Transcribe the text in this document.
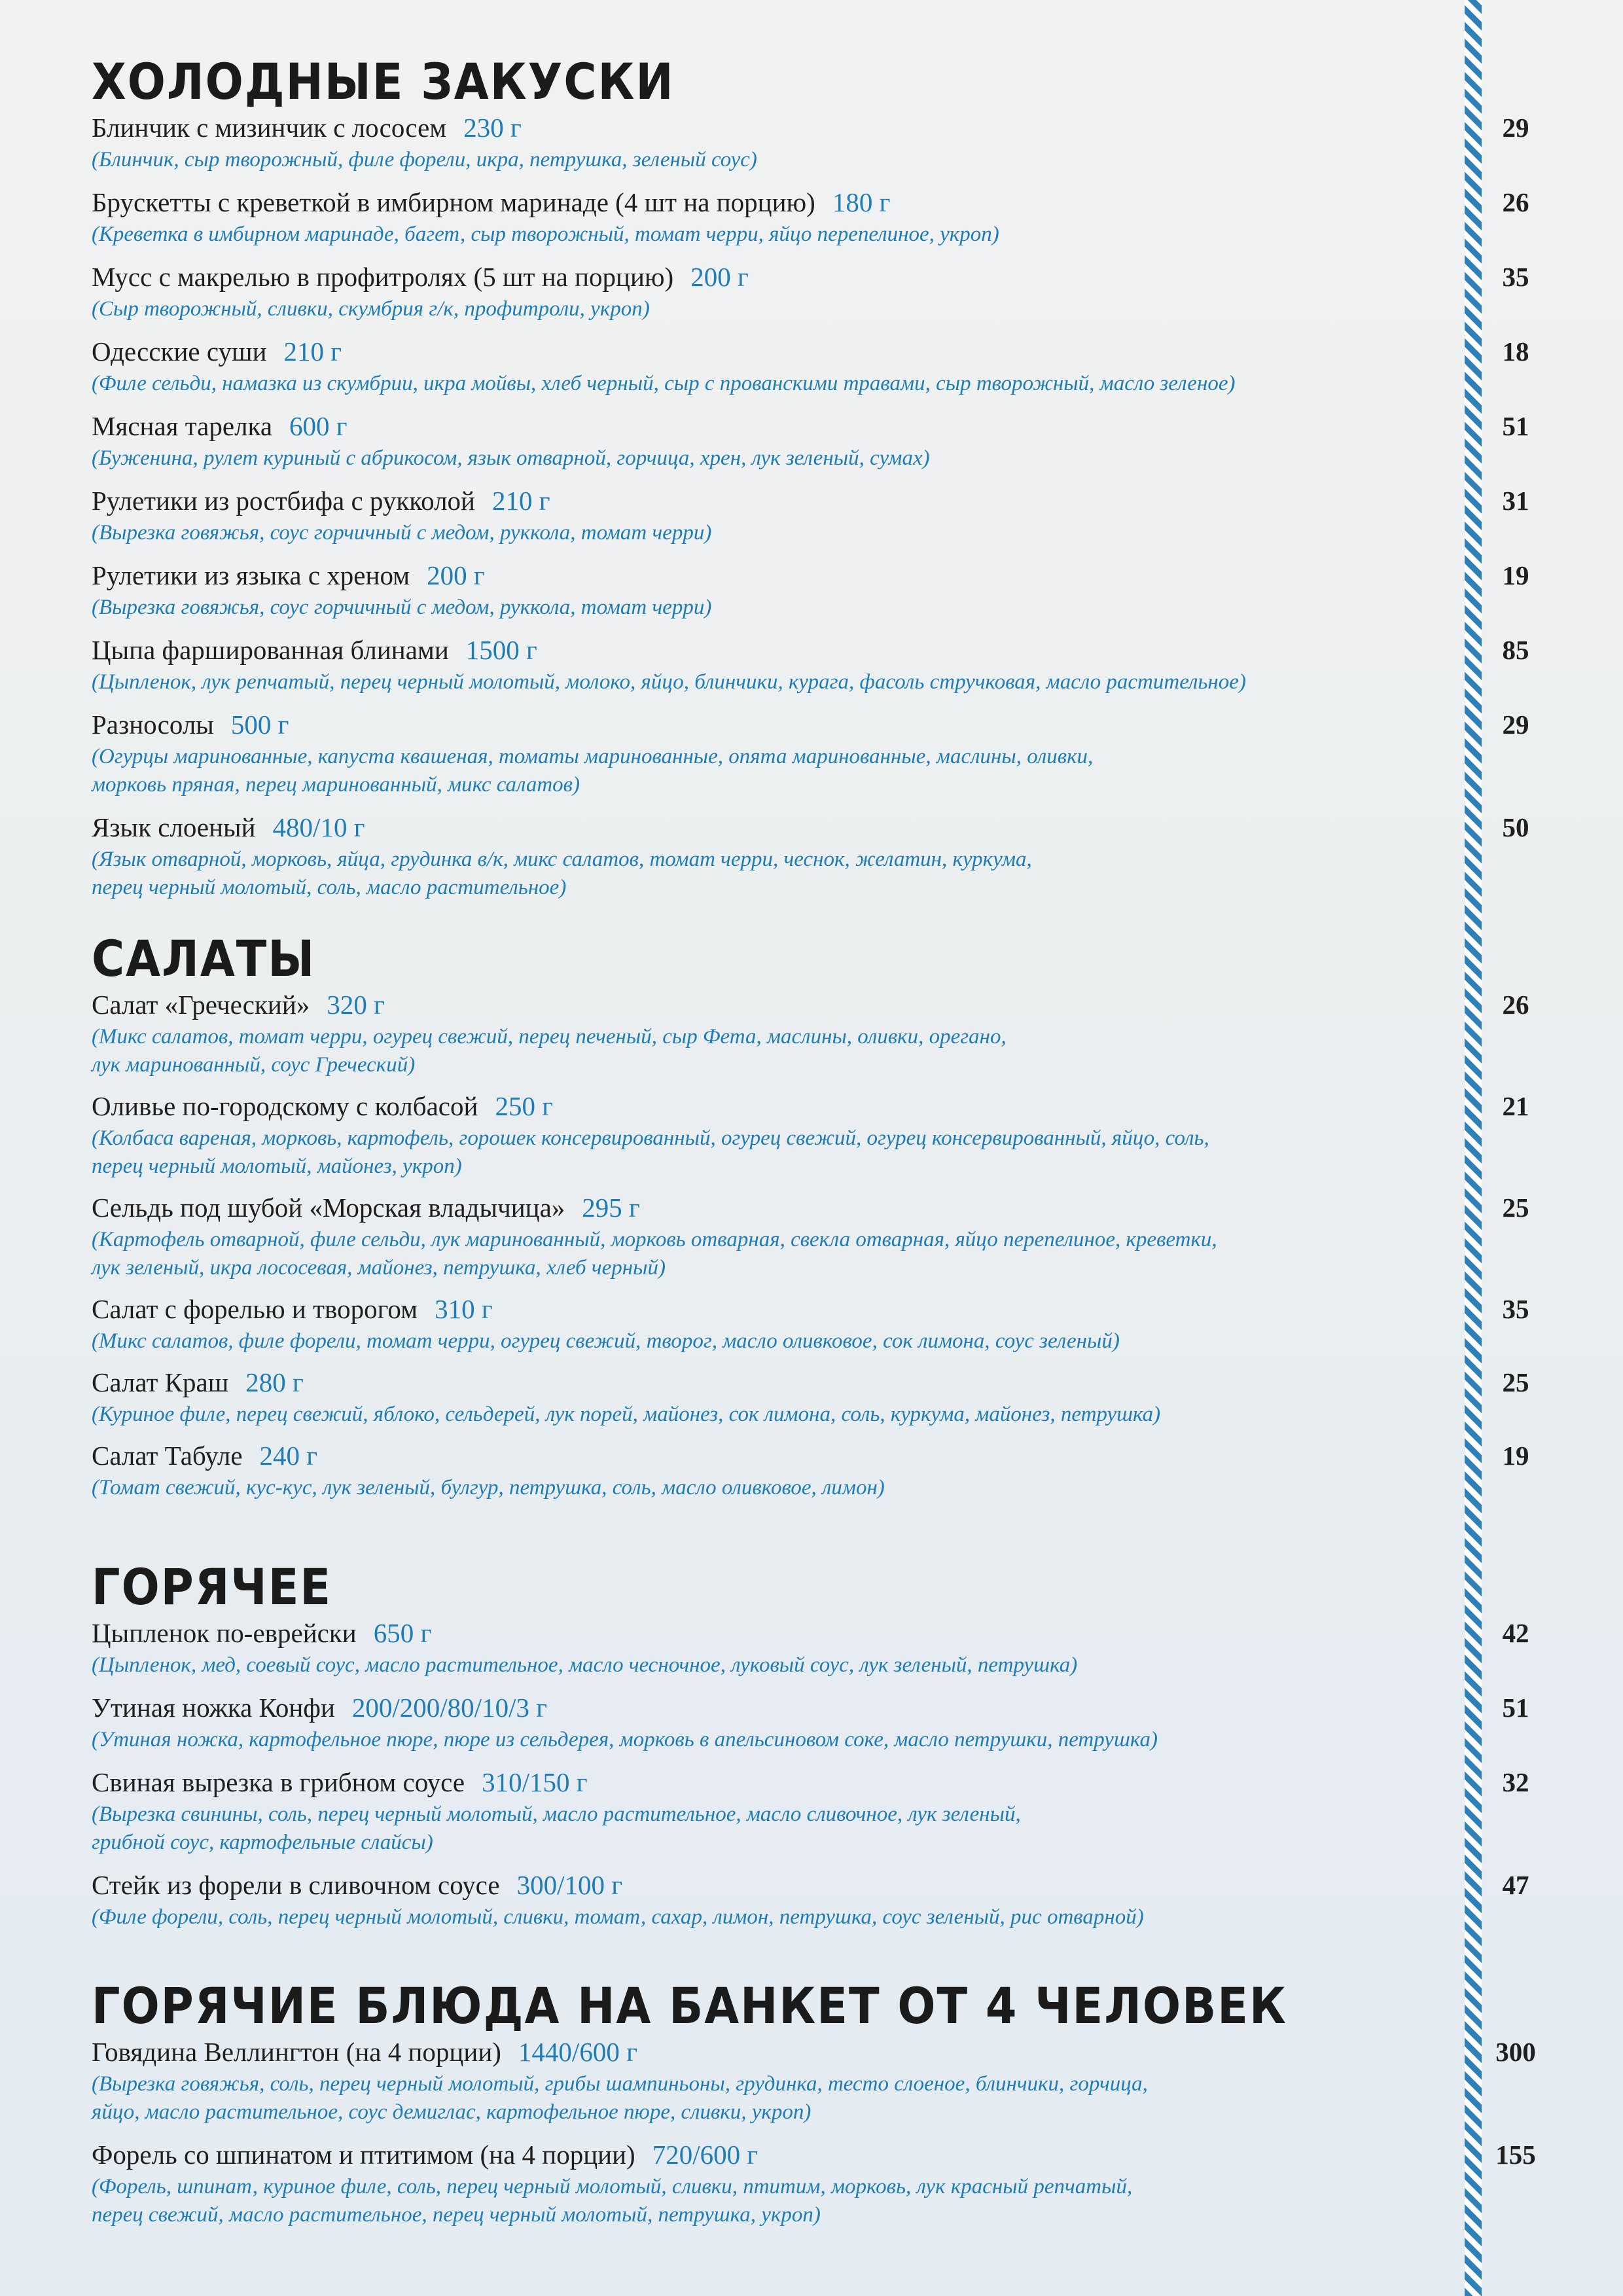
ХОЛОДНЫЕ ЗАКУСКИ
Блинчик с мизинчик с лососем 230 г	29
(Блинчик, сыр творожный, филе форели, икра, петрушка, зеленый соус)
Брускетты с креветкой в имбирном маринаде (4 шт на порцию) 180 г	26
(Креветка в имбирном маринаде, багет, сыр творожный, томат черри, яйцо перепелиное, укроп)
Мусс с макрелью в профитролях (5 шт на порцию) 200 г	35
(Сыр творожный, сливки, скумбрия г/к, профитроли, укроп)
Одесские суши 210 г	18
(Филе сельди, намазка из скумбрии, икра мойвы, хлеб черный, сыр с прованскими травами, сыр творожный, масло зеленое)
Мясная тарелка 600 г	51
(Буженина, рулет куриный с абрикосом, язык отварной, горчица, хрен, лук зеленый, сумах)
Рулетики из ростбифа с рукколой 210 г	31
(Вырезка говяжья, соус горчичный с медом, руккола, томат черри)
Рулетики из языка с хреном 200 г	19
(Вырезка говяжья, соус горчичный с медом, руккола, томат черри)
Цыпа фаршированная блинами 1500 г	85
(Цыпленок, лук репчатый, перец черный молотый, молоко, яйцо, блинчики, курага, фасоль стручковая, масло растительное)
Разносолы 500 г	29
(Огурцы маринованные, капуста квашеная, томаты маринованные, опята маринованные, маслины, оливки,
морковь пряная, перец маринованный, микс салатов)
Язык слоеный 480/10 г	50
(Язык отварной, морковь, яйца, грудинка в/к, микс салатов, томат черри, чеснок, желатин, куркума,
перец черный молотый, соль, масло растительное)
САЛАТЫ
Салат «Греческий» 320 г	26
(Микс салатов, томат черри, огурец свежий, перец печеный, сыр Фета, маслины, оливки, орегано,
лук маринованный, соус Греческий)
Оливье по-городскому с колбасой 250 г	21
(Колбаса вареная, морковь, картофель, горошек консервированный, огурец свежий, огурец консервированный, яйцо, соль,
перец черный молотый, майонез, укроп)
Сельдь под шубой «Морская владычица» 295 г	25
(Картофель отварной, филе сельди, лук маринованный, морковь отварная, свекла отварная, яйцо перепелиное, креветки,
лук зеленый, икра лососевая, майонез, петрушка, хлеб черный)
Салат с форелью и творогом 310 г	35
(Микс салатов, филе форели, томат черри, огурец свежий, творог, масло оливковое, сок лимона, соус зеленый)
Салат Краш 280 г	25
(Куриное филе, перец свежий, яблоко, сельдерей, лук порей, майонез, сок лимона, соль, куркума, майонез, петрушка)
Салат Табуле 240 г	19
(Томат свежий, кус-кус, лук зеленый, булгур, петрушка, соль, масло оливковое, лимон)
ГОРЯЧЕЕ
Цыпленок по-еврейски 650 г	42
(Цыпленок, мед, соевый соус, масло растительное, масло чесночное, луковый соус, лук зеленый, петрушка)
Утиная ножка Конфи 200/200/80/10/3 г	51
(Утиная ножка, картофельное пюре, пюре из сельдерея, морковь в апельсиновом соке, масло петрушки, петрушка)
Свиная вырезка в грибном соусе 310/150 г	32
(Вырезка свинины, соль, перец черный молотый, масло растительное, масло сливочное, лук зеленый,
грибной соус, картофельные слайсы)
Стейк из форели в сливочном соусе 300/100 г	47
(Филе форели, соль, перец черный молотый, сливки, томат, сахар, лимон, петрушка, соус зеленый, рис отварной)
ГОРЯЧИЕ БЛЮДА НА БАНКЕТ ОТ 4 ЧЕЛОВЕК
Говядина Веллингтон (на 4 порции) 1440/600 г	300
(Вырезка говяжья, соль, перец черный молотый, грибы шампиньоны, грудинка, тесто слоеное, блинчики, горчица,
яйцо, масло растительное, соус демиглас, картофельное пюре, сливки, укроп)
Форель со шпинатом и птитимом (на 4 порции) 720/600 г	155
(Форель, шпинат, куриное филе, соль, перец черный молотый, сливки, птитим, морковь, лук красный репчатый,
перец свежий, масло растительное, перец черный молотый, петрушка, укроп)
